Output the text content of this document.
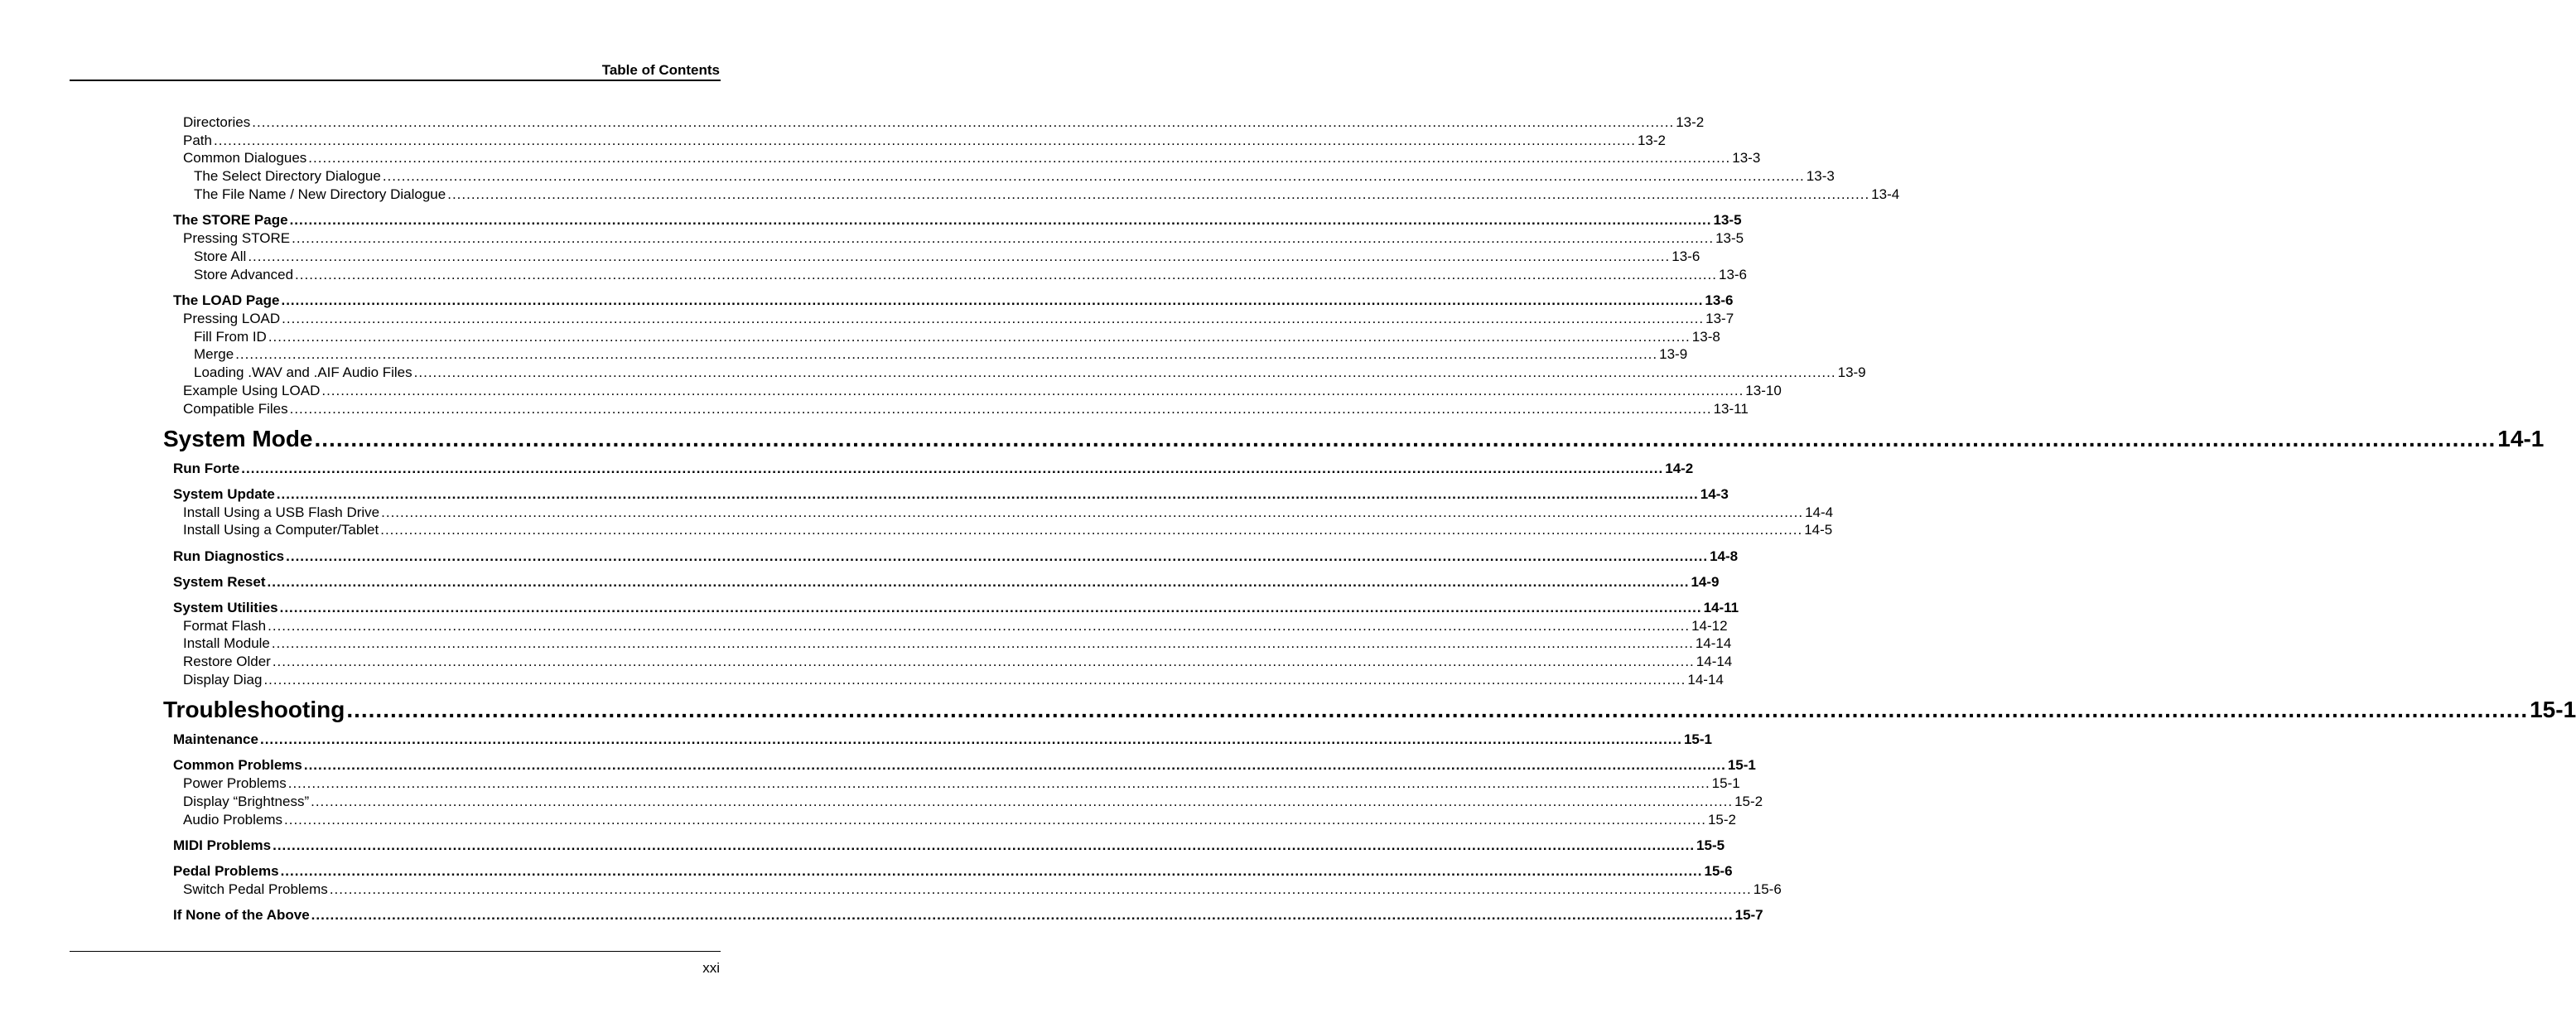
Table of Contents
Directories ............................................................................................................................................................................................................................................................................................................ 13-2
Path ............................................................................................................................................................................................................................................................................................................ 13-2
Common Dialogues ............................................................................................................................................................................................................................................................................................................ 13-3
The Select Directory Dialogue ............................................................................................................................................................................................................................................................................................................ 13-3
The File Name / New Directory Dialogue ............................................................................................................................................................................................................................................................................................................ 13-4
The STORE Page ............................................................................................................................................................................................................................................................................................................ 13-5
Pressing STORE ............................................................................................................................................................................................................................................................................................................ 13-5
Store All ............................................................................................................................................................................................................................................................................................................ 13-6
Store Advanced ............................................................................................................................................................................................................................................................................................................ 13-6
The LOAD Page ............................................................................................................................................................................................................................................................................................................ 13-6
Pressing LOAD ............................................................................................................................................................................................................................................................................................................ 13-7
Fill From ID ............................................................................................................................................................................................................................................................................................................ 13-8
Merge ............................................................................................................................................................................................................................................................................................................ 13-9
Loading .WAV and .AIF Audio Files ............................................................................................................................................................................................................................................................................................................ 13-9
Example Using LOAD ............................................................................................................................................................................................................................................................................................................ 13-10
Compatible Files ............................................................................................................................................................................................................................................................................................................ 13-11
System Mode ............................................................................................................................................................................................................................................................................................................ 14-1
Run Forte ............................................................................................................................................................................................................................................................................................................ 14-2
System Update ............................................................................................................................................................................................................................................................................................................ 14-3
Install Using a USB Flash Drive ............................................................................................................................................................................................................................................................................................................ 14-4
Install Using a Computer/Tablet ............................................................................................................................................................................................................................................................................................................ 14-5
Run Diagnostics ............................................................................................................................................................................................................................................................................................................ 14-8
System Reset ............................................................................................................................................................................................................................................................................................................ 14-9
System Utilities ............................................................................................................................................................................................................................................................................................................ 14-11
Format Flash ............................................................................................................................................................................................................................................................................................................ 14-12
Install Module ............................................................................................................................................................................................................................................................................................................ 14-14
Restore Older ............................................................................................................................................................................................................................................................................................................ 14-14
Display Diag ............................................................................................................................................................................................................................................................................................................ 14-14
Troubleshooting ............................................................................................................................................................................................................................................................................................................ 15-1
Maintenance ............................................................................................................................................................................................................................................................................................................ 15-1
Common Problems ............................................................................................................................................................................................................................................................................................................ 15-1
Power Problems ............................................................................................................................................................................................................................................................................................................ 15-1
Display “Brightness” ............................................................................................................................................................................................................................................................................................................ 15-2
Audio Problems ............................................................................................................................................................................................................................................................................................................ 15-2
MIDI Problems ............................................................................................................................................................................................................................................................................................................ 15-5
Pedal Problems ............................................................................................................................................................................................................................................................................................................ 15-6
Switch Pedal Problems ............................................................................................................................................................................................................................................................................................................ 15-6
If None of the Above ............................................................................................................................................................................................................................................................................................................ 15-7
xxi
